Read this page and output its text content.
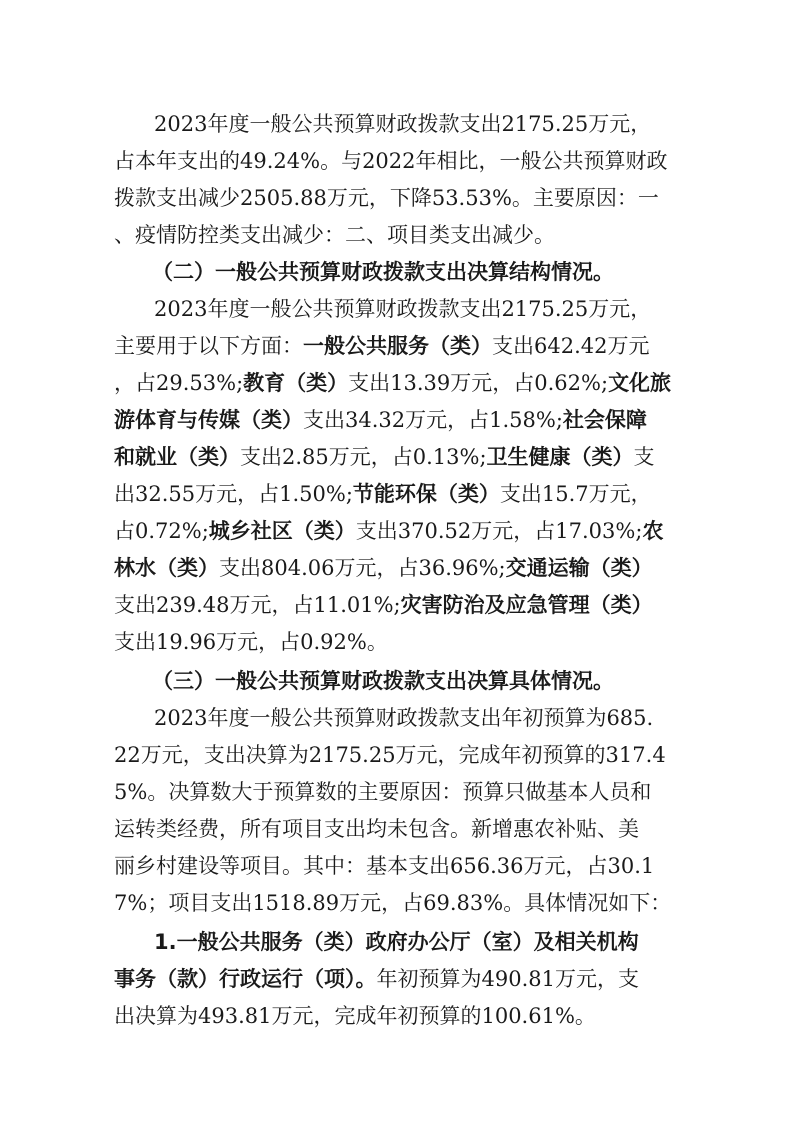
2023年度一般公共预算财政拨款支出2175.25万元，
占本年支出的49.24%。与2022年相比，一般公共预算财政
拨款支出减少2505.88万元，下降53.53%。主要原因：一
、疫情防控类支出减少：二、项目类支出减少。
（二）一般公共预算财政拨款支出决算结构情况。
2023年度一般公共预算财政拨款支出2175.25万元，
主要用于以下方面：一般公共服务（类）支出642.42万元
，占29.53%;教育（类）支出13.39万元，占0.62%;文化旅
游体育与传媒（类）支出34.32万元，占1.58%;社会保障
和就业（类）支出2.85万元，占0.13%;卫生健康（类）支
出32.55万元，占1.50%;节能环保（类）支出15.7万元，
占0.72%;城乡社区（类）支出370.52万元，占17.03%;农
林水（类）支出804.06万元，占36.96%;交通运输（类）
支出239.48万元，占11.01%;灾害防治及应急管理（类）
支出19.96万元，占0.92%。
（三）一般公共预算财政拨款支出决算具体情况。
2023年度一般公共预算财政拨款支出年初预算为685.
22万元，支出决算为2175.25万元，完成年初预算的317.4
5%。决算数大于预算数的主要原因：预算只做基本人员和
运转类经费，所有项目支出均未包含。新增惠农补贴、美
丽乡村建设等项目。其中：基本支出656.36万元，占30.1
7%；项目支出1518.89万元，占69.83%。具体情况如下：
1.一般公共服务（类）政府办公厅（室）及相关机构
事务（款）行政运行（项）。年初预算为490.81万元，支
出决算为493.81万元，完成年初预算的100.61%。
